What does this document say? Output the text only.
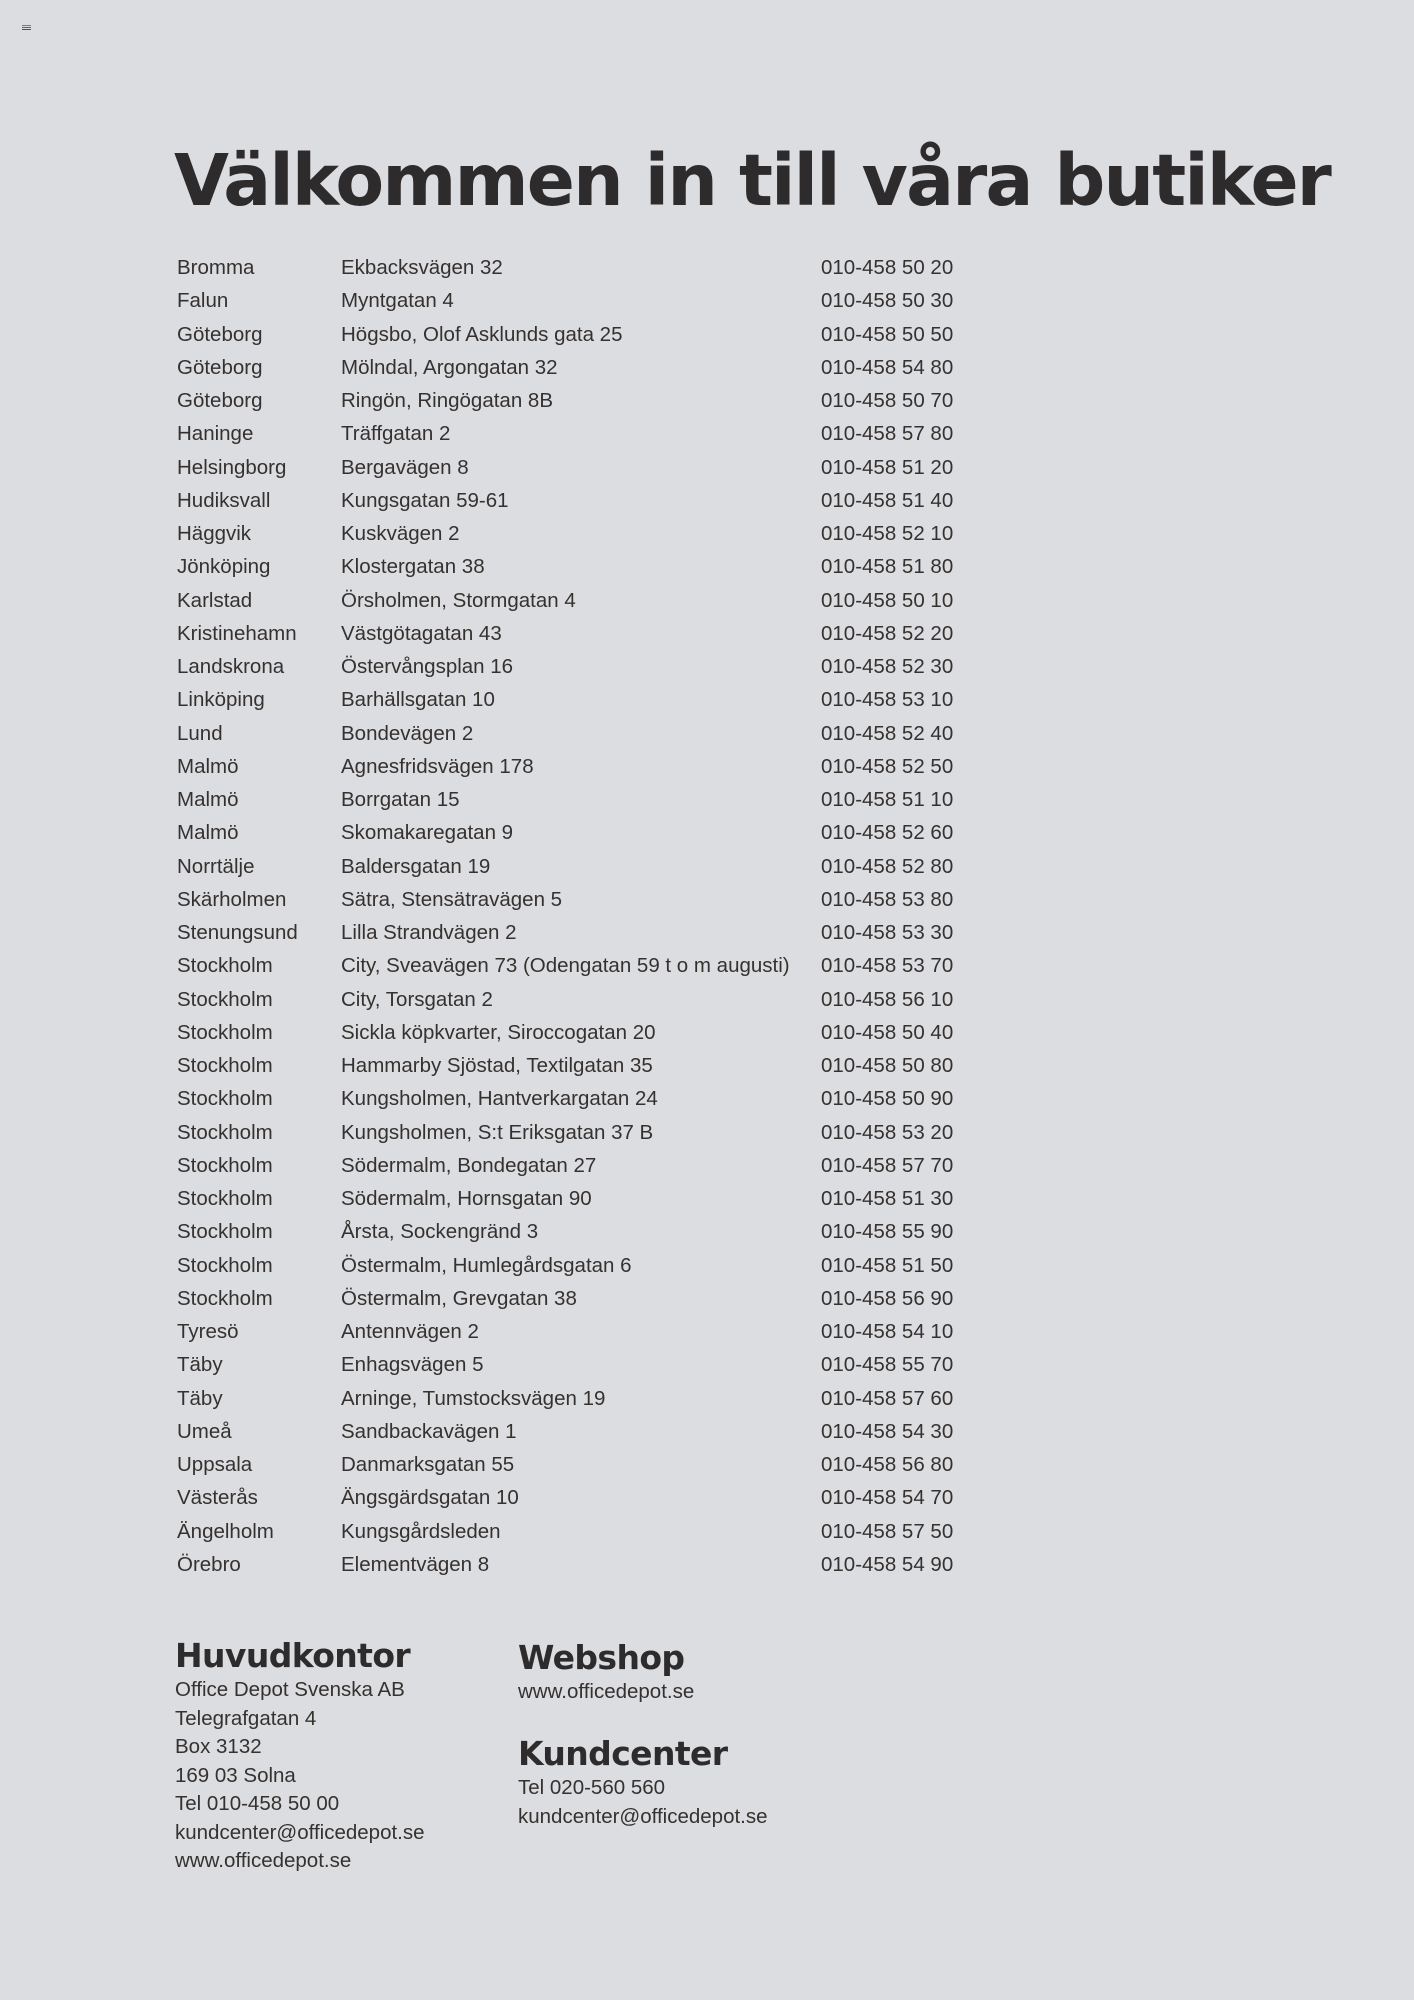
Välkommen in till våra butiker
Bromma	Ekbacksvägen 32	010-458 50 20
Falun	Myntgatan 4	010-458 50 30
Göteborg	Högsbo, Olof Asklunds gata 25	010-458 50 50
Göteborg	Mölndal, Argongatan 32	010-458 54 80
Göteborg	Ringön, Ringögatan 8B	010-458 50 70
Haninge	Träffgatan 2	010-458 57 80
Helsingborg	Bergavägen 8	010-458 51 20
Hudiksvall	Kungsgatan 59-61	010-458 51 40
Häggvik	Kuskvägen 2	010-458 52 10
Jönköping	Klostergatan 38	010-458 51 80
Karlstad	Örsholmen, Stormgatan 4	010-458 50 10
Kristinehamn	Västgötagatan 43	010-458 52 20
Landskrona	Östervångsplan 16	010-458 52 30
Linköping	Barhällsgatan 10	010-458 53 10
Lund	Bondevägen 2	010-458 52 40
Malmö	Agnesfridsvägen 178	010-458 52 50
Malmö	Borrgatan 15	010-458 51 10
Malmö	Skomakaregatan 9	010-458 52 60
Norrtälje	Baldersgatan 19	010-458 52 80
Skärholmen	Sätra, Stensätravägen 5	010-458 53 80
Stenungsund	Lilla Strandvägen 2	010-458 53 30
Stockholm	City, Sveavägen 73 (Odengatan 59 t o m augusti)	010-458 53 70
Stockholm	City, Torsgatan 2	010-458 56 10
Stockholm	Sickla köpkvarter, Siroccogatan 20	010-458 50 40
Stockholm	Hammarby Sjöstad, Textilgatan 35	010-458 50 80
Stockholm	Kungsholmen, Hantverkargatan 24	010-458 50 90
Stockholm	Kungsholmen, S:t Eriksgatan 37 B	010-458 53 20
Stockholm	Södermalm, Bondegatan 27	010-458 57 70
Stockholm	Södermalm, Hornsgatan 90	010-458 51 30
Stockholm	Årsta, Sockengränd 3	010-458 55 90
Stockholm	Östermalm, Humlegårdsgatan 6	010-458 51 50
Stockholm	Östermalm, Grevgatan 38	010-458 56 90
Tyresö	Antennvägen 2	010-458 54 10
Täby	Enhagsvägen 5	010-458 55 70
Täby	Arninge, Tumstocksvägen 19	010-458 57 60
Umeå	Sandbackavägen 1	010-458 54 30
Uppsala	Danmarksgatan 55	010-458 56 80
Västerås	Ängsgärdsgatan 10	010-458 54 70
Ängelholm	Kungsgårdsleden	010-458 57 50
Örebro	Elementvägen 8	010-458 54 90
Huvudkontor
Office Depot Svenska AB
Telegrafgatan 4
Box 3132
169 03 Solna
Tel 010-458 50 00
kundcenter@officedepot.se
www.officedepot.se
Webshop
www.officedepot.se
Kundcenter
Tel 020-560 560
kundcenter@officedepot.se
